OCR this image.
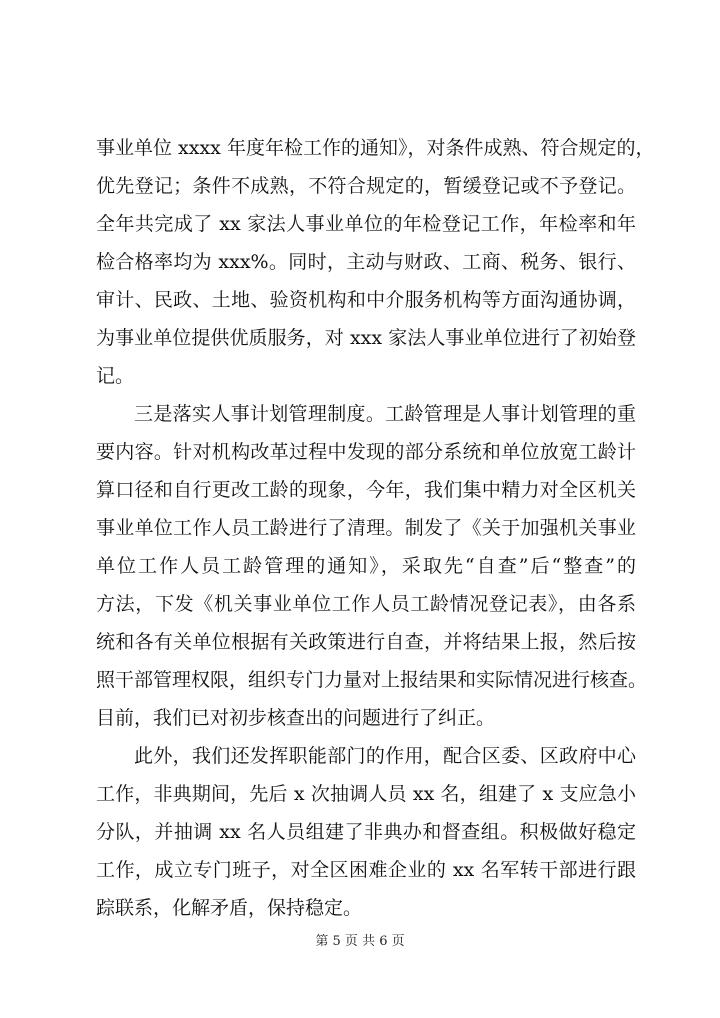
事业单位 xxxx 年度年检工作的通知》，对条件成熟、符合规定的，
优先登记；条件不成熟，不符合规定的，暂缓登记或不予登记。
全年共完成了 xx 家法人事业单位的年检登记工作，年检率和年
检合格率均为 xxx%。同时，主动与财政、工商、税务、银行、
审计、民政、土地、验资机构和中介服务机构等方面沟通协调，
为事业单位提供优质服务，对 xxx 家法人事业单位进行了初始登
记。
三是落实人事计划管理制度。工龄管理是人事计划管理的重
要内容。针对机构改革过程中发现的部分系统和单位放宽工龄计
算口径和自行更改工龄的现象，今年，我们集中精力对全区机关
事业单位工作人员工龄进行了清理。制发了《关于加强机关事业
单位工作人员工龄管理的通知》，采取先“自查”后“整查”的
方法，下发《机关事业单位工作人员工龄情况登记表》，由各系
统和各有关单位根据有关政策进行自查，并将结果上报，然后按
照干部管理权限，组织专门力量对上报结果和实际情况进行核查。
目前，我们已对初步核查出的问题进行了纠正。
此外，我们还发挥职能部门的作用，配合区委、区政府中心
工作，非典期间，先后 x 次抽调人员 xx 名，组建了 x 支应急小
分队，并抽调 xx 名人员组建了非典办和督查组。积极做好稳定
工作，成立专门班子，对全区困难企业的 xx 名军转干部进行跟
踪联系，化解矛盾，保持稳定。
第 5 页 共 6 页
